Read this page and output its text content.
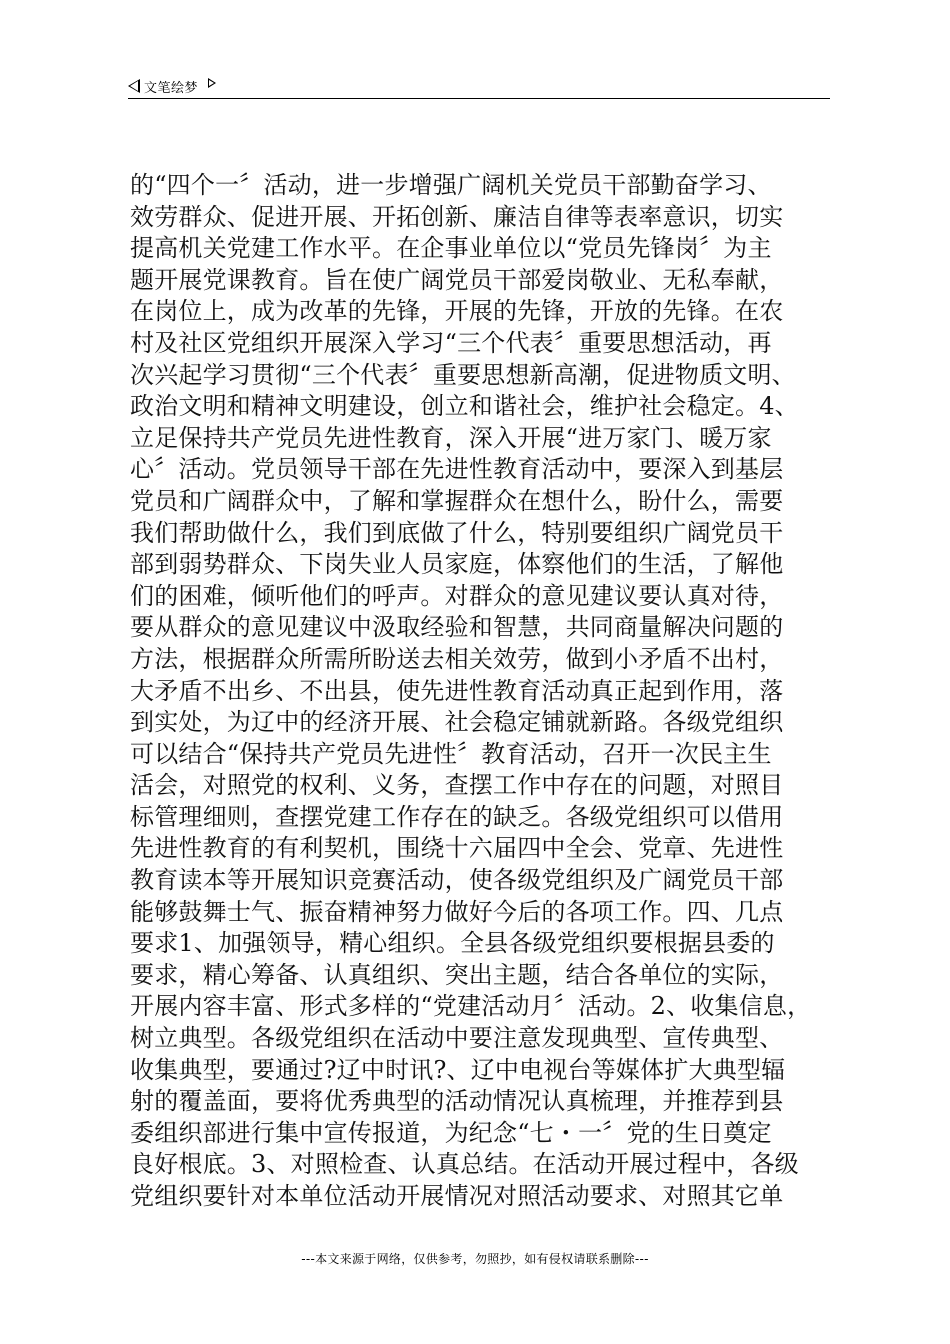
文笔绘梦
的“四个一〞活动，进一步增强广阔机关党员干部勤奋学习、
效劳群众、促进开展、开拓创新、廉洁自律等表率意识，切实
提高机关党建工作水平。在企事业单位以“党员先锋岗〞为主
题开展党课教育。旨在使广阔党员干部爱岗敬业、无私奉献，
在岗位上，成为改革的先锋，开展的先锋，开放的先锋。在农
村及社区党组织开展深入学习“三个代表〞重要思想活动，再
次兴起学习贯彻“三个代表〞重要思想新高潮，促进物质文明、
政治文明和精神文明建设，创立和谐社会，维护社会稳定。4、
立足保持共产党员先进性教育，深入开展“进万家门、暖万家
心〞活动。党员领导干部在先进性教育活动中，要深入到基层
党员和广阔群众中，了解和掌握群众在想什么，盼什么，需要
我们帮助做什么，我们到底做了什么，特别要组织广阔党员干
部到弱势群众、下岗失业人员家庭，体察他们的生活，了解他
们的困难，倾听他们的呼声。对群众的意见建议要认真对待，
要从群众的意见建议中汲取经验和智慧，共同商量解决问题的
方法，根据群众所需所盼送去相关效劳，做到小矛盾不出村，
大矛盾不出乡、不出县，使先进性教育活动真正起到作用，落
到实处，为辽中的经济开展、社会稳定铺就新路。各级党组织
可以结合“保持共产党员先进性〞教育活动，召开一次民主生
活会，对照党的权利、义务，查摆工作中存在的问题，对照目
标管理细则，查摆党建工作存在的缺乏。各级党组织可以借用
先进性教育的有利契机，围绕十六届四中全会、党章、先进性
教育读本等开展知识竞赛活动，使各级党组织及广阔党员干部
能够鼓舞士气、振奋精神努力做好今后的各项工作。四、几点
要求1、加强领导，精心组织。全县各级党组织要根据县委的
要求，精心筹备、认真组织、突出主题，结合各单位的实际，
开展内容丰富、形式多样的“党建活动月〞活动。2、收集信息，
树立典型。各级党组织在活动中要注意发现典型、宣传典型、
收集典型，要通过?辽中时讯?、辽中电视台等媒体扩大典型辐
射的覆盖面，要将优秀典型的活动情况认真梳理，并推荐到县
委组织部进行集中宣传报道，为纪念“七・一〞党的生日奠定
良好根底。3、对照检查、认真总结。在活动开展过程中，各级
党组织要针对本单位活动开展情况对照活动要求、对照其它单
---本文来源于网络，仅供参考，勿照抄，如有侵权请联系删除---
